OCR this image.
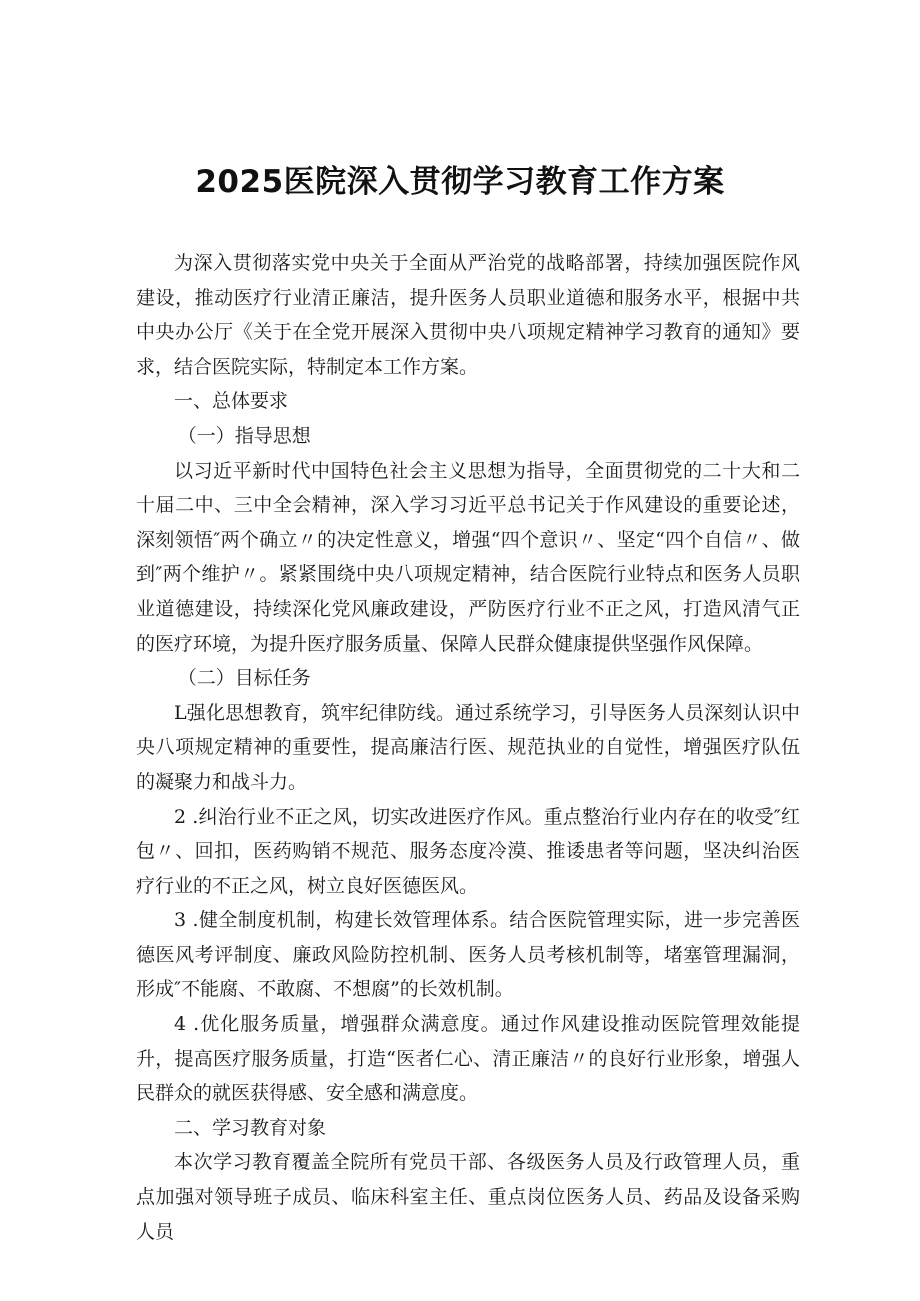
2025医院深入贯彻学习教育工作方案

为深入贯彻落实党中央关于全面从严治党的战略部署，持续加强医院作风建设，推动医疗行业清正廉洁，提升医务人员职业道德和服务水平，根据中共中央办公厅《关于在全党开展深入贯彻中央八项规定精神学习教育的通知》要求，结合医院实际，特制定本工作方案。

一、总体要求

（一）指导思想

以习近平新时代中国特色社会主义思想为指导，全面贯彻党的二十大和二十届二中、三中全会精神，深入学习习近平总书记关于作风建设的重要论述，深刻领悟″两个确立〃的决定性意义，增强“四个意识〃、坚定“四个自信〃、做到″两个维护〃。紧紧围绕中央八项规定精神，结合医院行业特点和医务人员职业道德建设，持续深化党风廉政建设，严防医疗行业不正之风，打造风清气正的医疗环境，为提升医疗服务质量、保障人民群众健康提供坚强作风保障。

（二）目标任务

L强化思想教育，筑牢纪律防线。通过系统学习，引导医务人员深刻认识中央八项规定精神的重要性，提高廉洁行医、规范执业的自觉性，增强医疗队伍的凝聚力和战斗力。

2 .纠治行业不正之风，切实改进医疗作风。重点整治行业内存在的收受″红包〃、回扣，医药购销不规范、服务态度冷漠、推诿患者等问题，坚决纠治医疗行业的不正之风，树立良好医德医风。

3 .健全制度机制，构建长效管理体系。结合医院管理实际，进一步完善医德医风考评制度、廉政风险防控机制、医务人员考核机制等，堵塞管理漏洞，形成″不能腐、不敢腐、不想腐”的长效机制。

4 .优化服务质量，增强群众满意度。通过作风建设推动医院管理效能提升，提高医疗服务质量，打造“医者仁心、清正廉洁〃的良好行业形象，增强人民群众的就医获得感、安全感和满意度。

二、学习教育对象

本次学习教育覆盖全院所有党员干部、各级医务人员及行政管理人员，重点加强对领导班子成员、临床科室主任、重点岗位医务人员、药品及设备采购人员
